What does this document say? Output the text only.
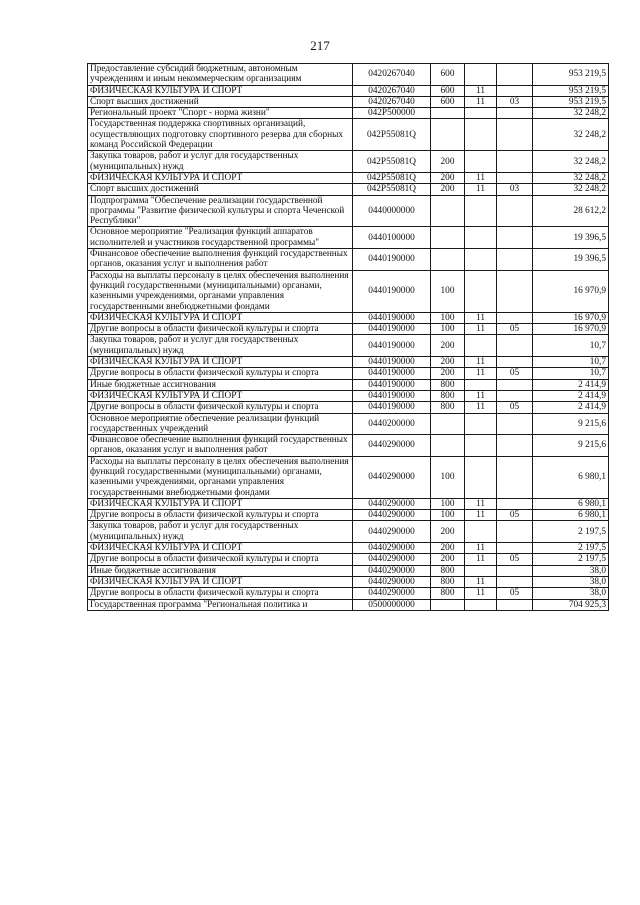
217
Предоставление субсидий бюджетным, автономным учреждениям и иным некоммерческим организациям	0420267040	600			953 219,5
ФИЗИЧЕСКАЯ КУЛЬТУРА И СПОРТ	0420267040	600	11		953 219,5
Спорт высших достижений	0420267040	600	11	03	953 219,5
Региональный проект "Спорт - норма жизни"	042P500000				32 248,2
Государственная поддержка спортивных организаций, осуществляющих подготовку спортивного резерва для сборных команд Российской Федерации	042P55081Q				32 248,2
Закупка товаров, работ и услуг для государственных (муниципальных) нужд	042P55081Q	200			32 248,2
ФИЗИЧЕСКАЯ КУЛЬТУРА И СПОРТ	042P55081Q	200	11		32 248,2
Спорт высших достижений	042P55081Q	200	11	03	32 248,2
Подпрограмма "Обеспечение реализации государственной программы "Развитие физической культуры и спорта Чеченской Республики"	0440000000				28 612,2
Основное мероприятие "Реализация функций аппаратов исполнителей и участников государственной программы"	0440100000				19 396,5
Финансовое обеспечение выполнения функций государственных органов, оказания услуг и выполнения работ	0440190000				19 396,5
Расходы на выплаты персоналу в целях обеспечения выполнения функций государственными (муниципальными) органами, казенными учреждениями, органами управления государственными внебюджетными фондами	0440190000	100			16 970,9
ФИЗИЧЕСКАЯ КУЛЬТУРА И СПОРТ	0440190000	100	11		16 970,9
Другие вопросы в области физической культуры и спорта	0440190000	100	11	05	16 970,9
Закупка товаров, работ и услуг для государственных (муниципальных) нужд	0440190000	200			10,7
ФИЗИЧЕСКАЯ КУЛЬТУРА И СПОРТ	0440190000	200	11		10,7
Другие вопросы в области физической культуры и спорта	0440190000	200	11	05	10,7
Иные бюджетные ассигнования	0440190000	800			2 414,9
ФИЗИЧЕСКАЯ КУЛЬТУРА И СПОРТ	0440190000	800	11		2 414,9
Другие вопросы в области физической культуры и спорта	0440190000	800	11	05	2 414,9
Основное мероприятие обеспечение реализации функций государственных учреждений	0440200000				9 215,6
Финансовое обеспечение выполнения функций государственных органов, оказания услуг и выполнения работ	0440290000				9 215,6
Расходы на выплаты персоналу в целях обеспечения выполнения функций государственными (муниципальными) органами, казенными учреждениями, органами управления государственными внебюджетными фондами	0440290000	100			6 980,1
ФИЗИЧЕСКАЯ КУЛЬТУРА И СПОРТ	0440290000	100	11		6 980,1
Другие вопросы в области физической культуры и спорта	0440290000	100	11	05	6 980,1
Закупка товаров, работ и услуг для государственных (муниципальных) нужд	0440290000	200			2 197,5
ФИЗИЧЕСКАЯ КУЛЬТУРА И СПОРТ	0440290000	200	11		2 197,5
Другие вопросы в области физической культуры и спорта	0440290000	200	11	05	2 197,5
Иные бюджетные ассигнования	0440290000	800			38,0
ФИЗИЧЕСКАЯ КУЛЬТУРА И СПОРТ	0440290000	800	11		38,0
Другие вопросы в области физической культуры и спорта	0440290000	800	11	05	38,0
Государственная программа "Региональная политика и	0500000000				704 925,3
